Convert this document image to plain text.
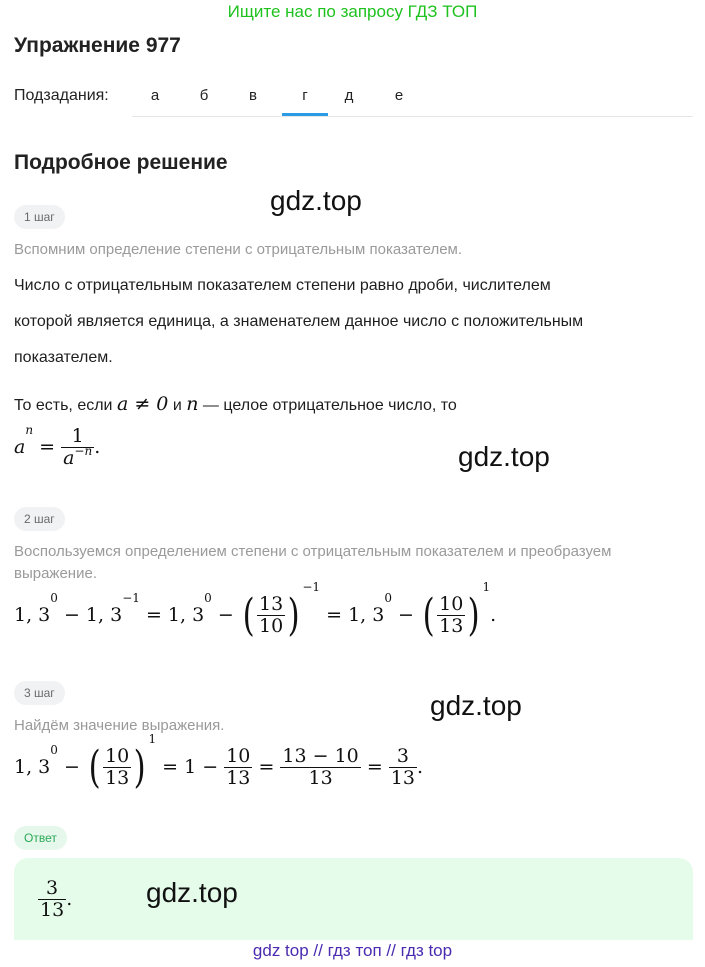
Ищите нас по запросу ГДЗ ТОП
Упражнение 977
Подзадания:	а	б	в	г	д	е
Подробное решение
gdz.top
gdz.top
gdz.top
1 шаг
Вспомним определение степени с отрицательным показателем.
Число с отрицательным показателем степени равно дроби, числителем
которой является единица, а знаменателем данное число с положительным
показателем.
То есть, если a ≠ 0 и n — целое отрицательное число, то
$a^n = \frac{1}{a^{-n}}$ .
2 шаг
Воспользуемся определением степени с отрицательным показателем и преобразуем выражение.
1, $3^0 - 1$, $3^{-1} = 1$, $3^0$ − ( $\frac{13}{10} )^{-1} = 1$, $3^0$ − ( $\frac{10}{13} )^1$.
3 шаг
Найдём значение выражения.
1, $3^0$ − ( $\frac{10}{13} )^1 = 1 - \frac{10}{13} = \frac{13 - 10}{13} = \frac{3}{13}$ .
Ответ
$\frac{3}{13}$ .	gdz.top
gdz top // гдз топ // гдз top
